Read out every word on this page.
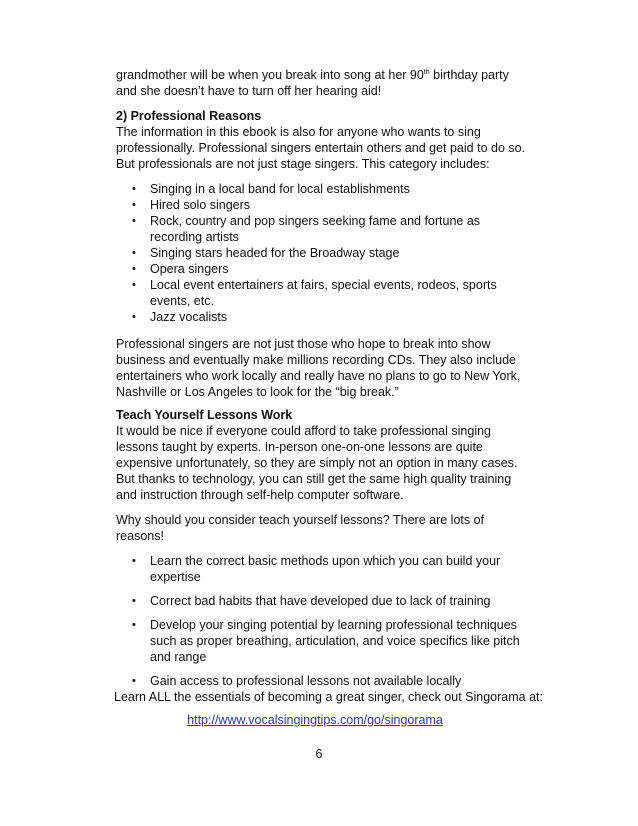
grandmother will be when you break into song at her 90th birthday party and she doesn’t have to turn off her hearing aid!

2) Professional Reasons

The information in this ebook is also for anyone who wants to sing professionally. Professional singers entertain others and get paid to do so. But professionals are not just stage singers. This category includes:

• Singing in a local band for local establishments
• Hired solo singers
• Rock, country and pop singers seeking fame and fortune as recording artists
• Singing stars headed for the Broadway stage
• Opera singers
• Local event entertainers at fairs, special events, rodeos, sports events, etc.
• Jazz vocalists

Professional singers are not just those who hope to break into show business and eventually make millions recording CDs. They also include entertainers who work locally and really have no plans to go to New York, Nashville or Los Angeles to look for the “big break.”

Teach Yourself Lessons Work

It would be nice if everyone could afford to take professional singing lessons taught by experts. In-person one-on-one lessons are quite expensive unfortunately, so they are simply not an option in many cases. But thanks to technology, you can still get the same high quality training and instruction through self-help computer software.

Why should you consider teach yourself lessons? There are lots of reasons!

• Learn the correct basic methods upon which you can build your expertise
• Correct bad habits that have developed due to lack of training
• Develop your singing potential by learning professional techniques such as proper breathing, articulation, and voice specifics like pitch and range
• Gain access to professional lessons not available locally

Learn ALL the essentials of becoming a great singer, check out Singorama at:

http://www.vocalsingingtips.com/go/singorama
6
